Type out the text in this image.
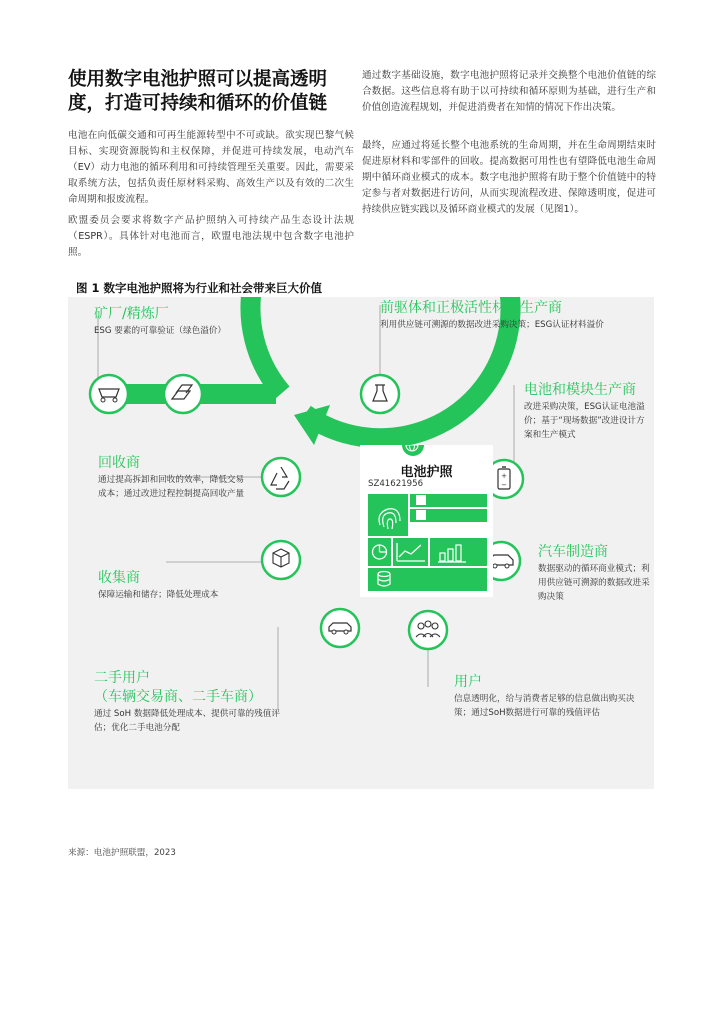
使用数字电池护照可以提高透明度，打造可持续和循环的价值链

电池在向低碳交通和可再生能源转型中不可或缺。欲实现巴黎气候目标、实现资源脱钩和主权保障，并促进可持续发展，电动汽车（EV）动力电池的循环利用和可持续管理至关重要。因此，需要采取系统方法，包括负责任原材料采购、高效生产以及有效的二次生命周期和报废流程。

欧盟委员会要求将数字产品护照纳入可持续产品生态设计法规（ESPR）。具体针对电池而言，欧盟电池法规中包含数字电池护照。

通过数字基础设施，数字电池护照将记录并交换整个电池价值链的综合数据。这些信息将有助于以可持续和循环原则为基础，进行生产和价值创造流程规划，并促进消费者在知情的情况下作出决策。

最终，应通过将延长整个电池系统的生命周期，并在生命周期结束时促进原材料和零部件的回收。提高数据可用性也有望降低电池生命周期中循环商业模式的成本。数字电池护照将有助于整个价值链中的特定参与者对数据进行访问，从而实现流程改进、保障透明度，促进可持续供应链实践以及循环商业模式的发展（见图1）。

图 1 数字电池护照将为行业和社会带来巨大价值

+
−

电池护照

SZ41621956

矿厂/精炼厂

ESG 要素的可靠验证（绿色溢价）

前驱体和正极活性材料生产商

利用供应链可溯源的数据改进采购决策；ESG认证材料溢价

电池和模块生产商

改进采购决策，ESG认证电池溢价；基于“现场数据”改进设计方案和生产模式

汽车制造商

数据驱动的循环商业模式；利用供应链可溯源的数据改进采购决策

用户

信息透明化，给与消费者足够的信息做出购买决策；通过SoH数据进行可靠的残值评估

二手用户
（车辆交易商、二手车商）

通过 SoH 数据降低处理成本、提供可靠的残值评估；优化二手电池分配

收集商

保障运输和储存；降低处理成本

回收商

通过提高拆卸和回收的效率，降低交易成本；通过改进过程控制提高回收产量

来源：电池护照联盟，2023
